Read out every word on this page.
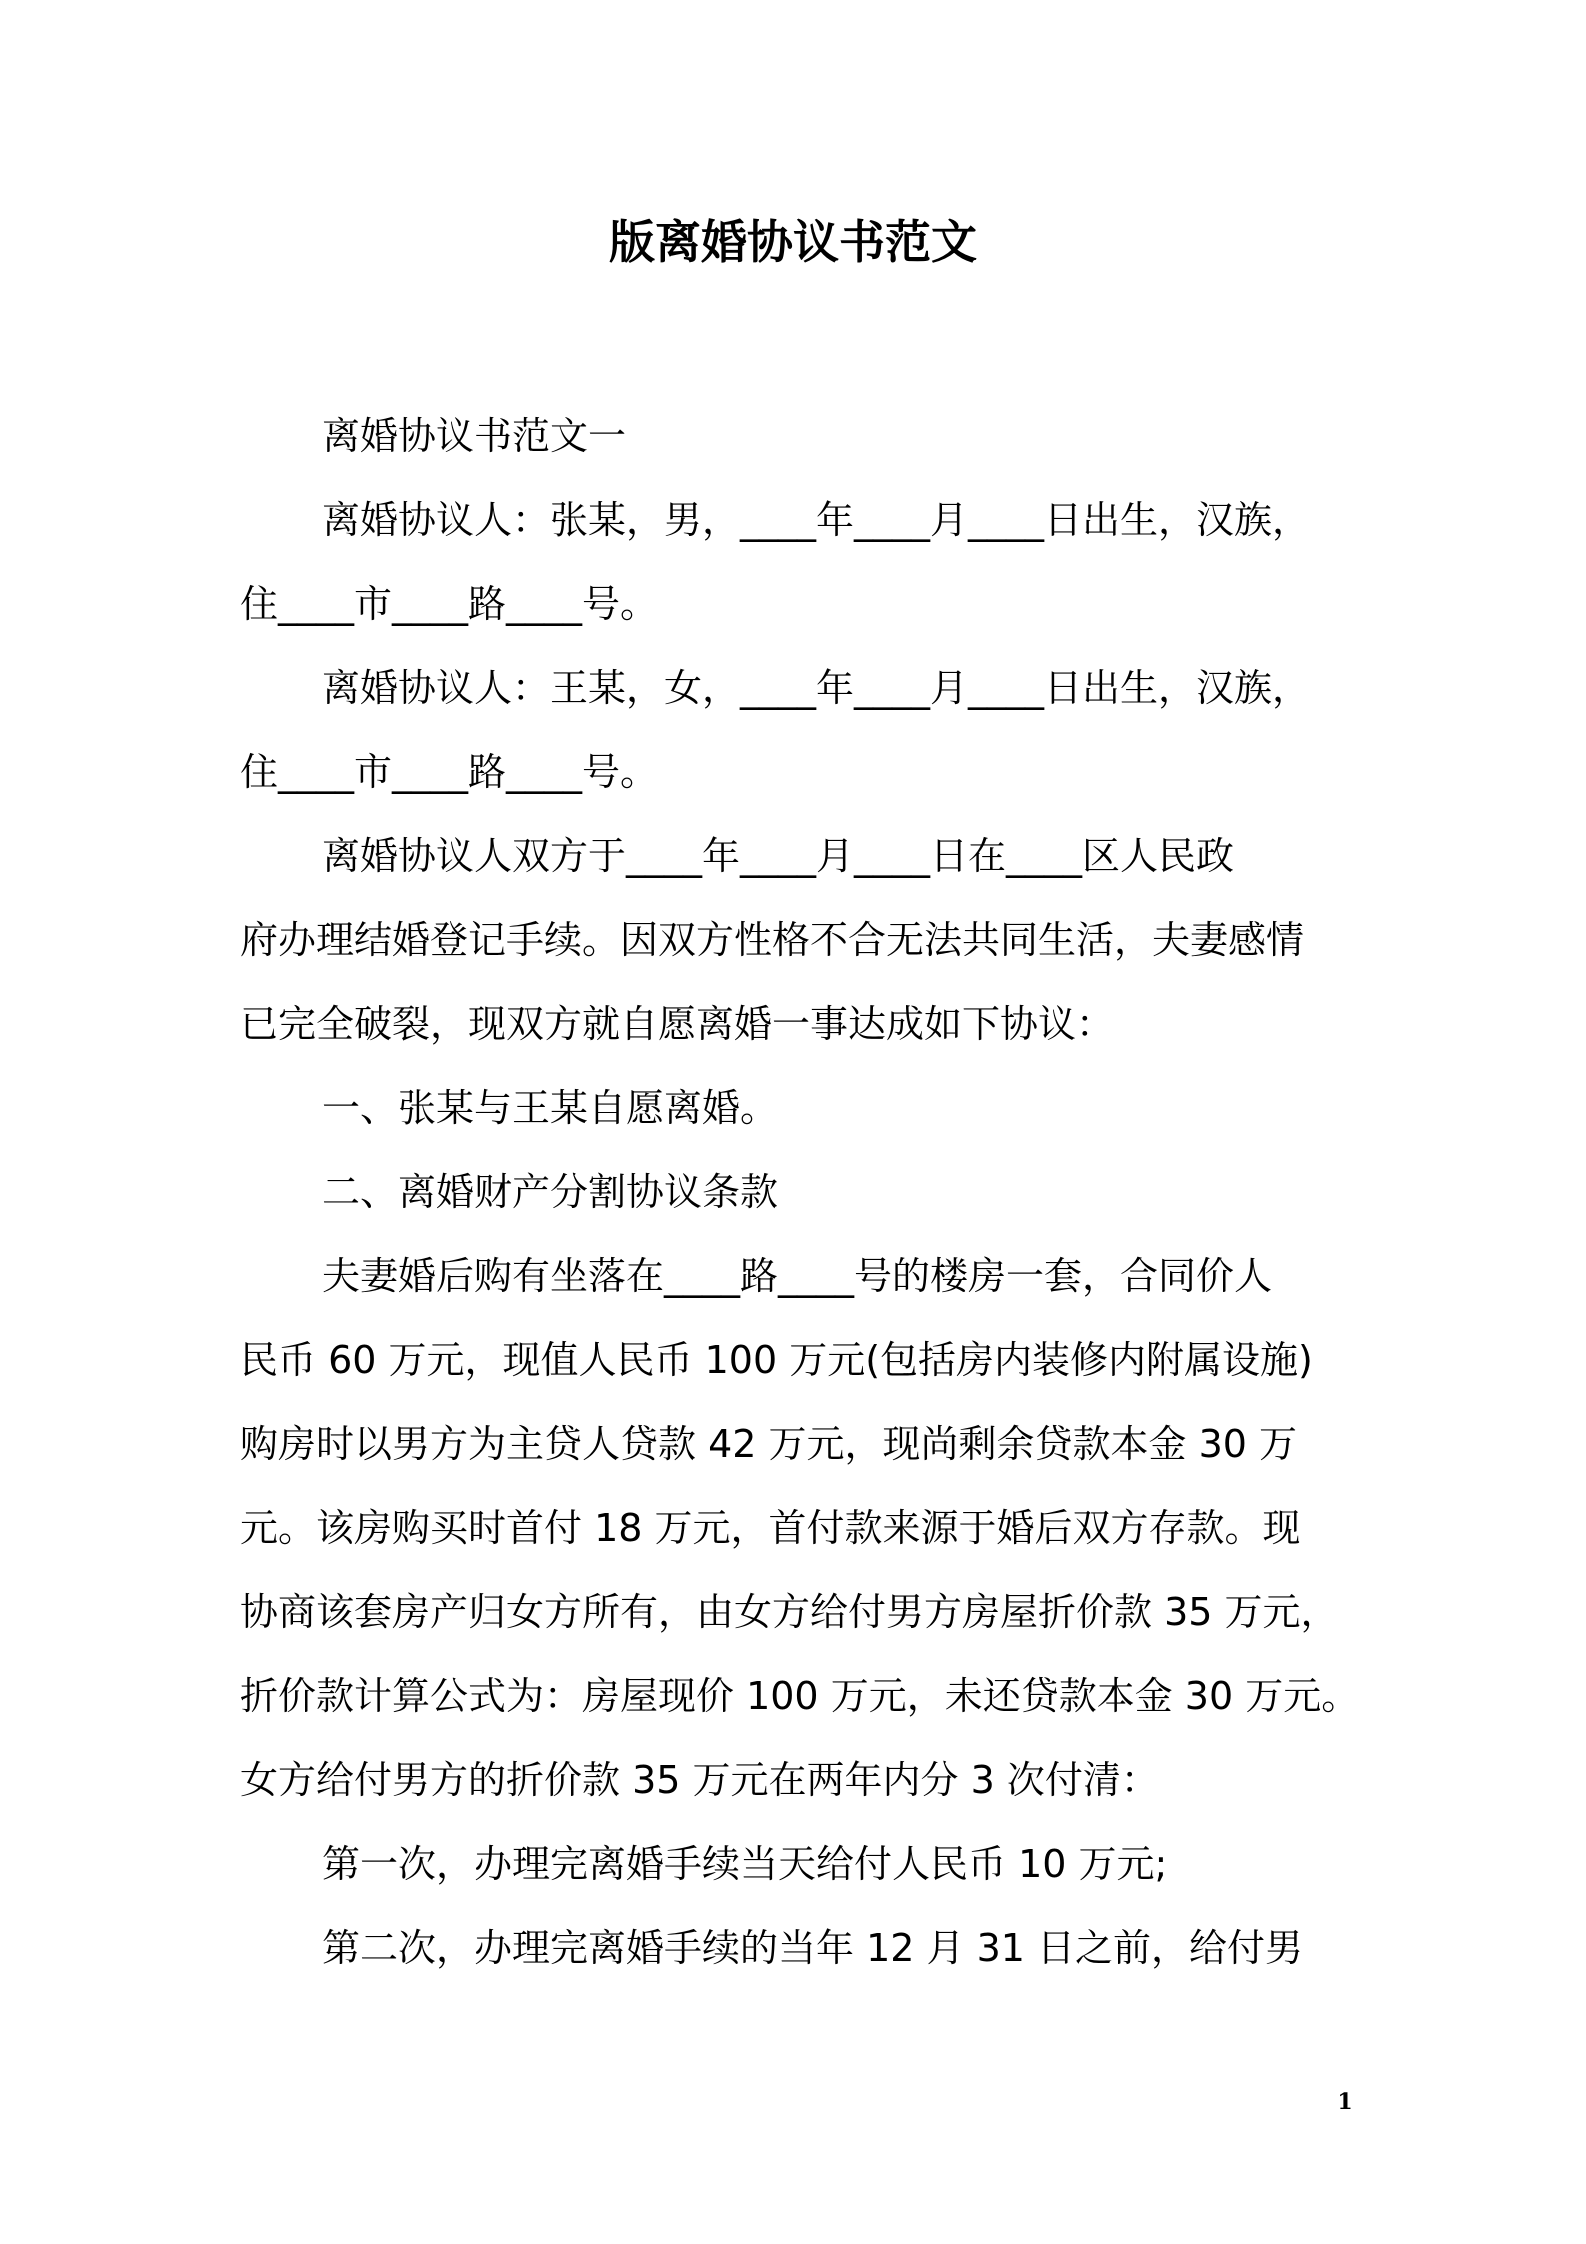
版离婚协议书范文
离婚协议书范文一
离婚协议人：张某，男，____年____月____日出生，汉族，
住____市____路____号。
离婚协议人：王某，女，____年____月____日出生，汉族，
住____市____路____号。
离婚协议人双方于____年____月____日在____区人民政
府办理结婚登记手续。因双方性格不合无法共同生活，夫妻感情
已完全破裂，现双方就自愿离婚一事达成如下协议：
一、张某与王某自愿离婚。
二、离婚财产分割协议条款
夫妻婚后购有坐落在____路____号的楼房一套，合同价人
民币 60 万元，现值人民币 100 万元(包括房内装修内附属设施)
购房时以男方为主贷人贷款 42 万元，现尚剩余贷款本金 30 万
元。该房购买时首付 18 万元，首付款来源于婚后双方存款。现
协商该套房产归女方所有，由女方给付男方房屋折价款 35 万元，
折价款计算公式为：房屋现价 100 万元，未还贷款本金 30 万元。
女方给付男方的折价款 35 万元在两年内分 3 次付清：
第一次，办理完离婚手续当天给付人民币 10 万元;
第二次，办理完离婚手续的当年 12 月 31 日之前，给付男
1
